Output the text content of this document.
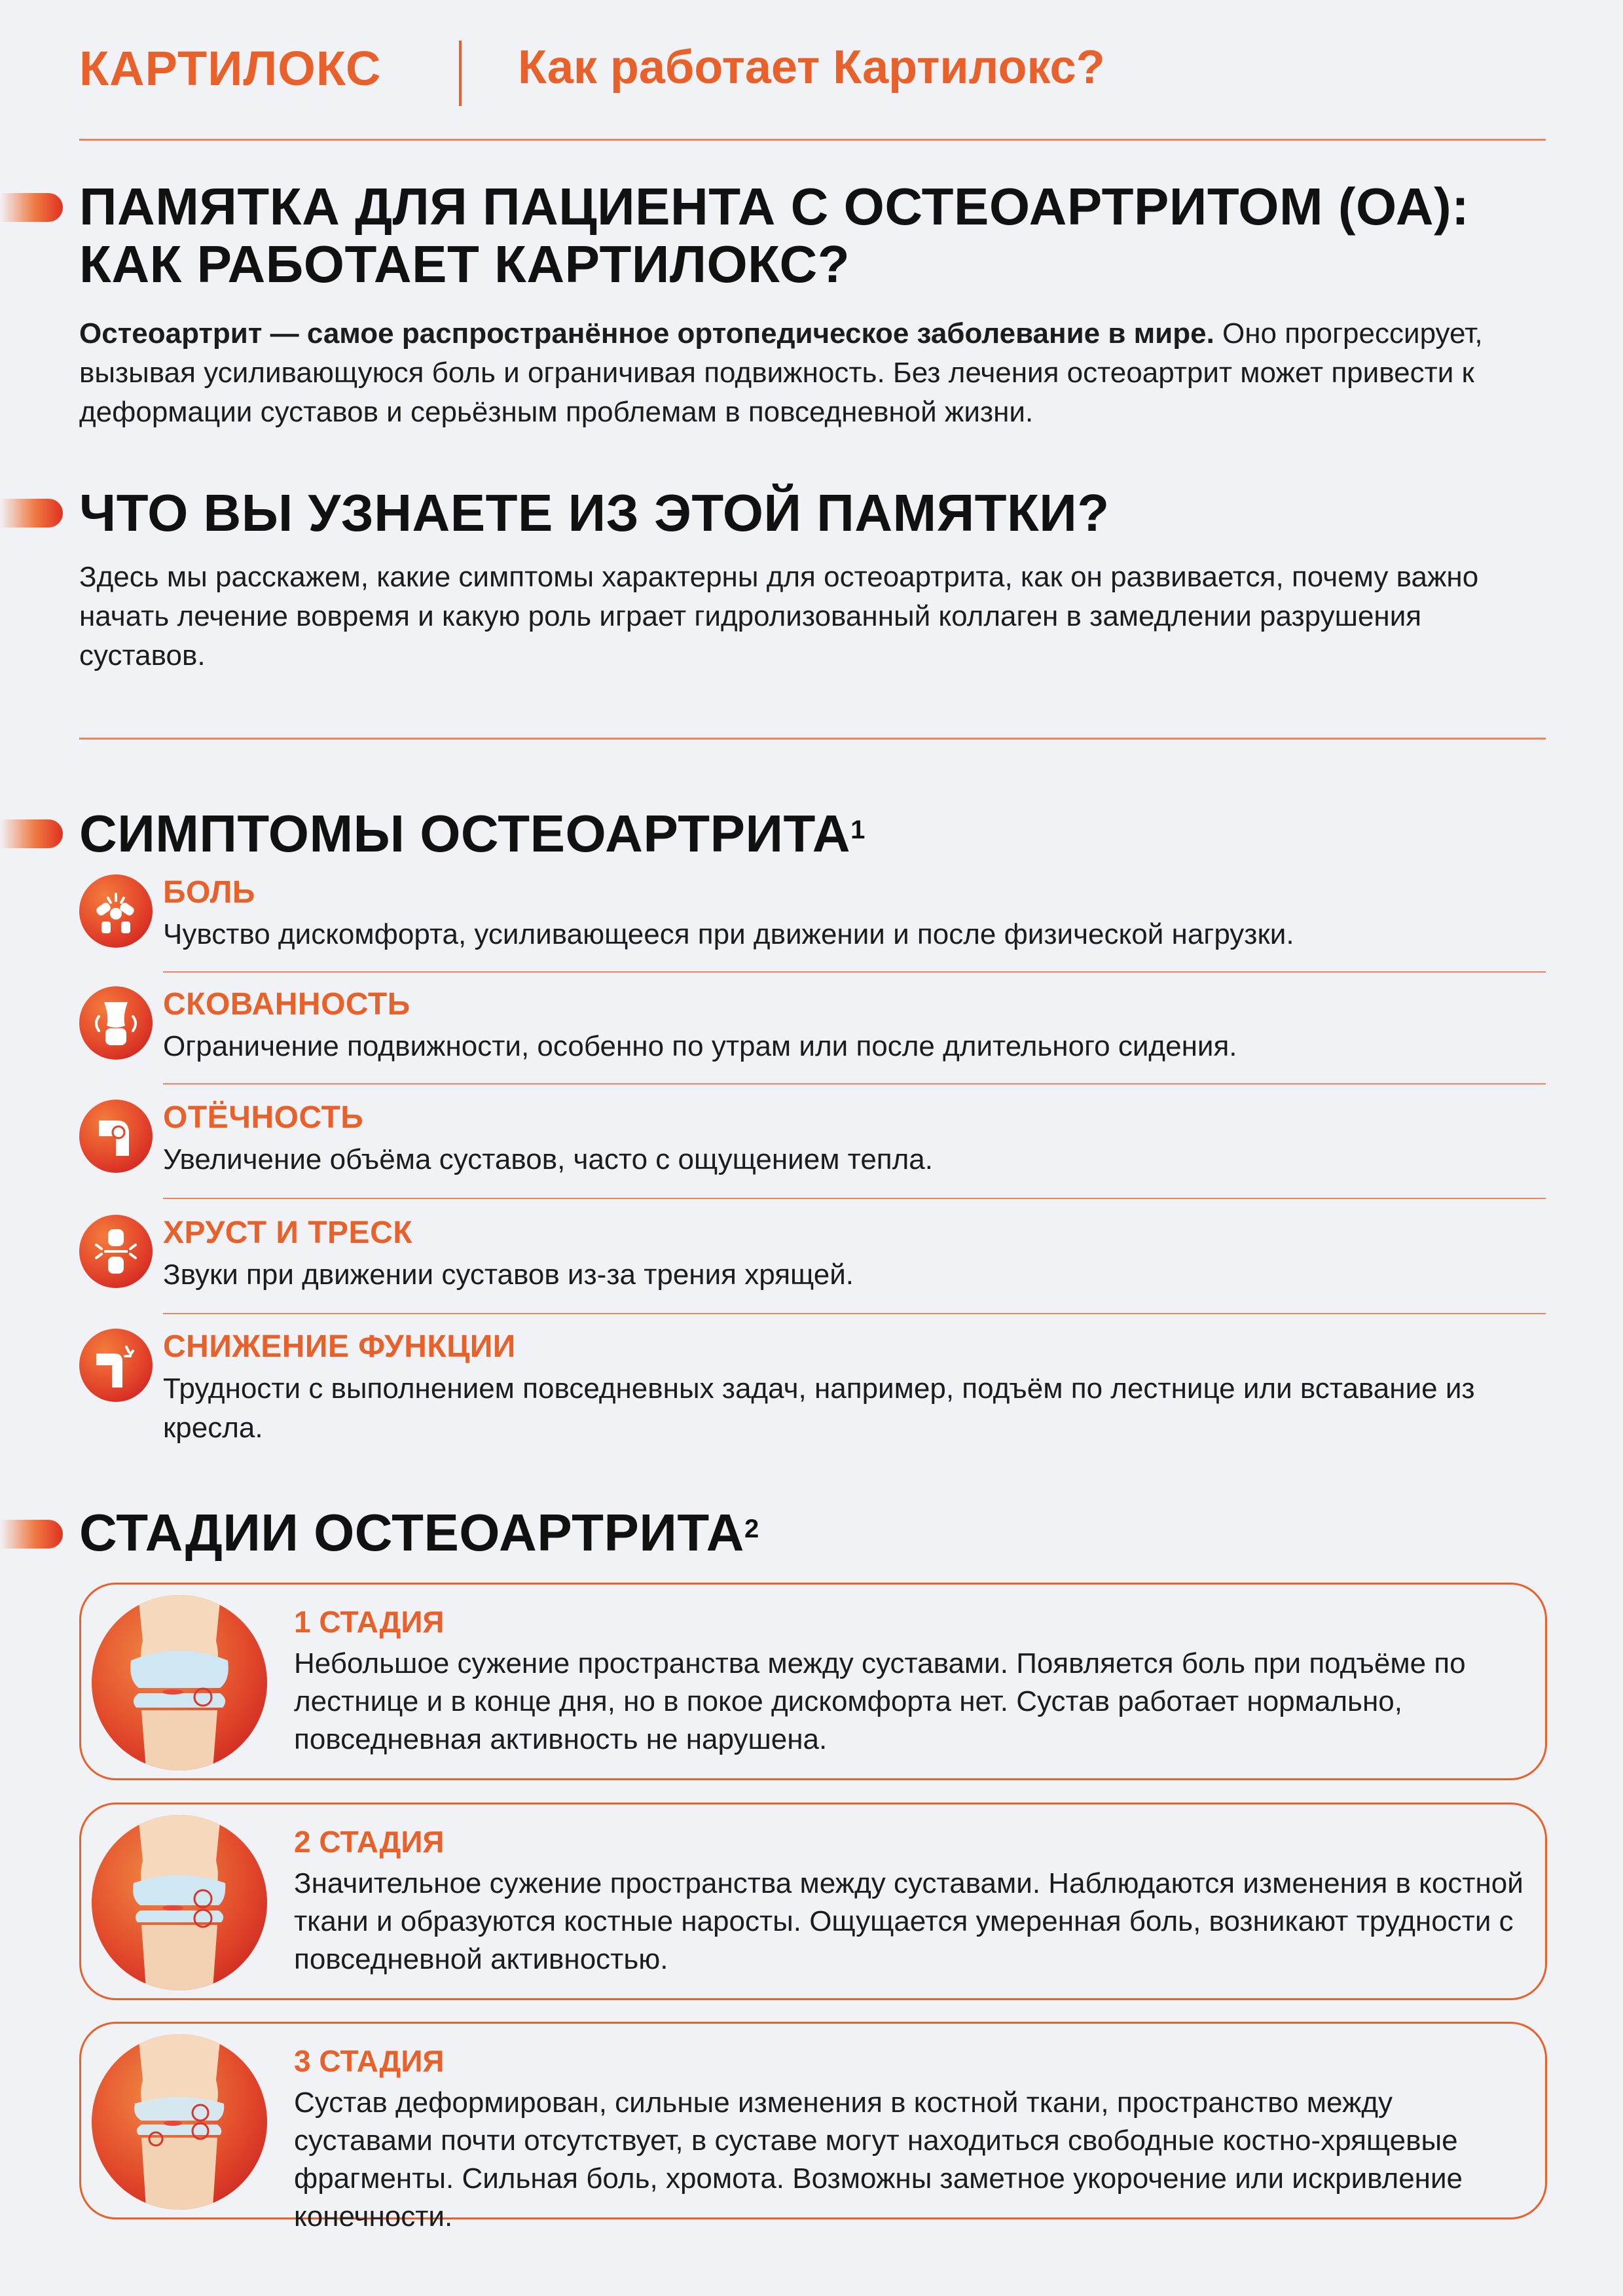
КАРТИЛОКС	Как работает Картилокс?
ПАМЯТКА ДЛЯ ПАЦИЕНТА С ОСТЕОАРТРИТОМ (ОА):
КАК РАБОТАЕТ КАРТИЛОКС?
Остеоартрит — самое распространённое ортопедическое заболевание в мире. Оно прогрессирует, вызывая усиливающуюся боль и ограничивая подвижность. Без лечения остеоартрит может привести к деформации суставов и серьёзным проблемам в повседневной жизни.
ЧТО ВЫ УЗНАЕТЕ ИЗ ЭТОЙ ПАМЯТКИ?
Здесь мы расскажем, какие симптомы характерны для остеоартрита, как он развивается, почему важно начать лечение вовремя и какую роль играет гидролизованный коллаген в замедлении разрушения суставов.
СИМПТОМЫ ОСТЕОАРТРИТА$^1$
БОЛЬ
Чувство дискомфорта, усиливающееся при движении и после физической нагрузки.
СКОВАННОСТЬ
Ограничение подвижности, особенно по утрам или после длительного сидения.
ОТЁЧНОСТЬ
Увеличение объёма суставов, часто с ощущением тепла.
ХРУСТ И ТРЕСК
Звуки при движении суставов из-за трения хрящей.
СНИЖЕНИЕ ФУНКЦИИ
Трудности с выполнением повседневных задач, например, подъём по лестнице или вставание из кресла.
СТАДИИ ОСТЕОАРТРИТА$^2$
1 СТАДИЯ
Небольшое сужение пространства между суставами. Появляется боль при подъёме по лестнице и в конце дня, но в покое дискомфорта нет. Сустав работает нормально, повседневная активность не нарушена.
2 СТАДИЯ
Значительное сужение пространства между суставами. Наблюдаются изменения в костной ткани и образуются костные наросты. Ощущается умеренная боль, возникают трудности с повседневной активностью.
3 СТАДИЯ
Сустав деформирован, сильные изменения в костной ткани, пространство между суставами почти отсутствует, в суставе могут находиться свободные костно-хрящевые фрагменты. Сильная боль, хромота. Возможны заметное укорочение или искривление конечности.
